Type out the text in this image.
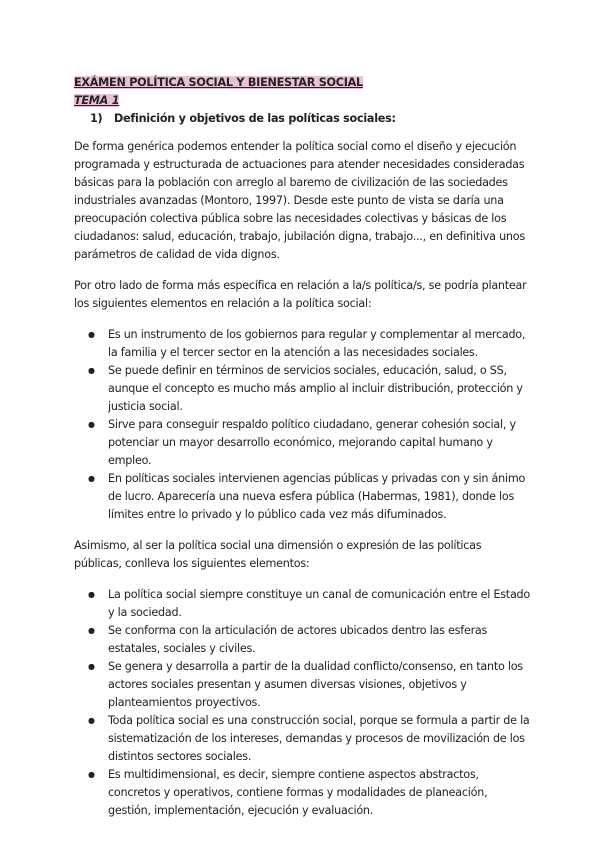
EXÁMEN POLÍTICA SOCIAL Y BIENESTAR SOCIAL
TEMA 1
1) Definición y objetivos de las políticas sociales:

De forma genérica podemos entender la política social como el diseño y ejecución programada y estructurada de actuaciones para atender necesidades consideradas básicas para la población con arreglo al baremo de civilización de las sociedades industriales avanzadas (Montoro, 1997). Desde este punto de vista se daría una preocupación colectiva pública sobre las necesidades colectivas y básicas de los ciudadanos: salud, educación, trabajo, jubilación digna, trabajo..., en definitiva unos parámetros de calidad de vida dignos.

Por otro lado de forma más específica en relación a la/s política/s, se podría plantear los siguientes elementos en relación a la política social:

● Es un instrumento de los gobiernos para regular y complementar al mercado, la familia y el tercer sector en la atención a las necesidades sociales.
● Se puede definir en términos de servicios sociales, educación, salud, o SS, aunque el concepto es mucho más amplio al incluir distribución, protección y justicia social.
● Sirve para conseguir respaldo político ciudadano, generar cohesión social, y potenciar un mayor desarrollo económico, mejorando capital humano y empleo.
● En políticas sociales intervienen agencias públicas y privadas con y sin ánimo de lucro. Aparecería una nueva esfera pública (Habermas, 1981), donde los límites entre lo privado y lo público cada vez más difuminados.

Asimismo, al ser la política social una dimensión o expresión de las políticas públicas, conlleva los siguientes elementos:

● La política social siempre constituye un canal de comunicación entre el Estado y la sociedad.
● Se conforma con la articulación de actores ubicados dentro las esferas estatales, sociales y civiles.
● Se genera y desarrolla a partir de la dualidad conflicto/consenso, en tanto los actores sociales presentan y asumen diversas visiones, objetivos y planteamientos proyectivos.
● Toda política social es una construcción social, porque se formula a partir de la sistematización de los intereses, demandas y procesos de movilización de los distintos sectores sociales.
● Es multidimensional, es decir, siempre contiene aspectos abstractos, concretos y operativos, contiene formas y modalidades de planeación, gestión, implementación, ejecución y evaluación.
